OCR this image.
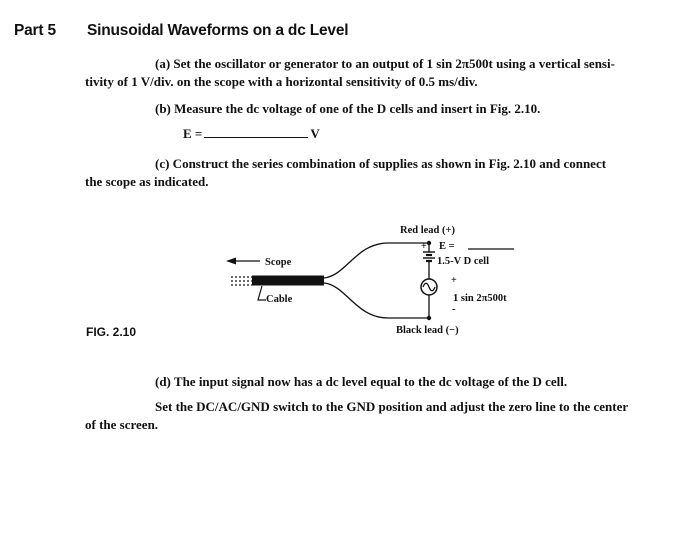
Part 5 Sinusoidal Waveforms on a dc Level
(a) Set the oscillator or generator to an output of 1 sin 2π500t using a vertical sensi-
tivity of 1 V/div. on the scope with a horizontal sensitivity of 0.5 ms/div.
(b) Measure the dc voltage of one of the D cells and insert in Fig. 2.10.
E =	V
(c) Construct the series combination of supplies as shown in Fig. 2.10 and connect
the scope as indicated.
Scope
Cable
Red lead (+)
E =
+
1.5-V D cell
+
1 sin 2π500t
-
Black lead (−)
FIG. 2.10
(d) The input signal now has a dc level equal to the dc voltage of the D cell.
Set the DC/AC/GND switch to the GND position and adjust the zero line to the center
of the screen.
